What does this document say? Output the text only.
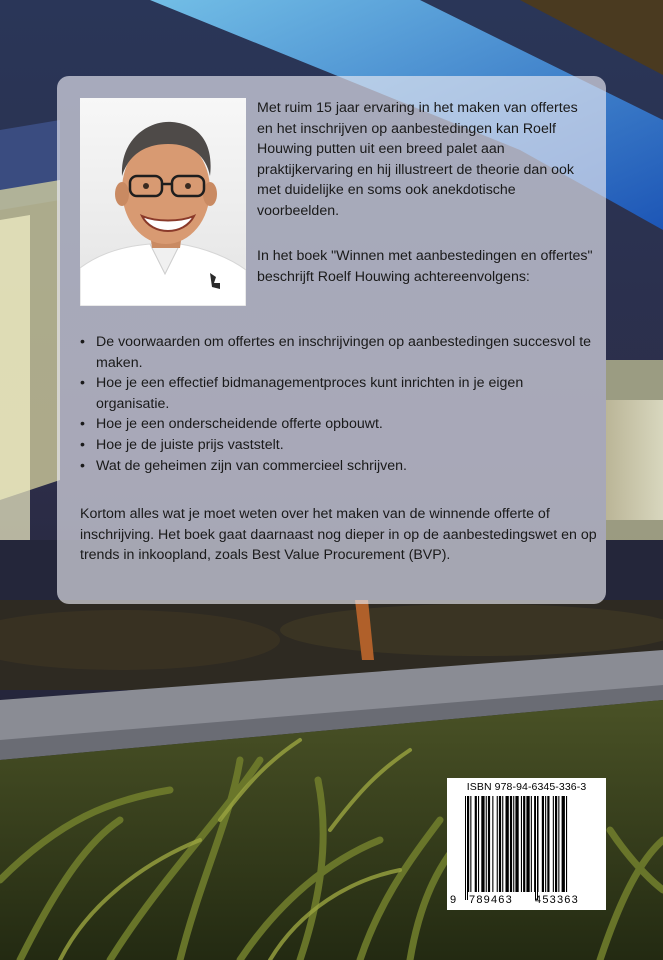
Met ruim 15 jaar ervaring in het maken van offertes en het inschrijven op aanbestedingen kan Roelf Houwing putten uit een breed palet aan praktijkervaring en hij illustreert de theorie dan ook met duidelijke en soms ook anekdotische voorbeelden.

In het boek "Winnen met aanbestedingen en offertes" beschrijft Roelf Houwing achtereenvolgens:

• De voorwaarden om offertes en inschrijvingen op aanbestedingen succesvol te maken.
• Hoe je een effectief bidmanagementproces kunt inrichten in je eigen organisatie.
• Hoe je een onderscheidende offerte opbouwt.
• Hoe je de juiste prijs vaststelt.
• Wat de geheimen zijn van commercieel schrijven.

Kortom alles wat je moet weten over het maken van de winnende offerte of inschrijving. Het boek gaat daarnaast nog dieper in op de aanbestedingswet en op trends in inkoopland, zoals Best Value Procurement (BVP).

ISBN 978-94-6345-336-3
9 789463 453363
